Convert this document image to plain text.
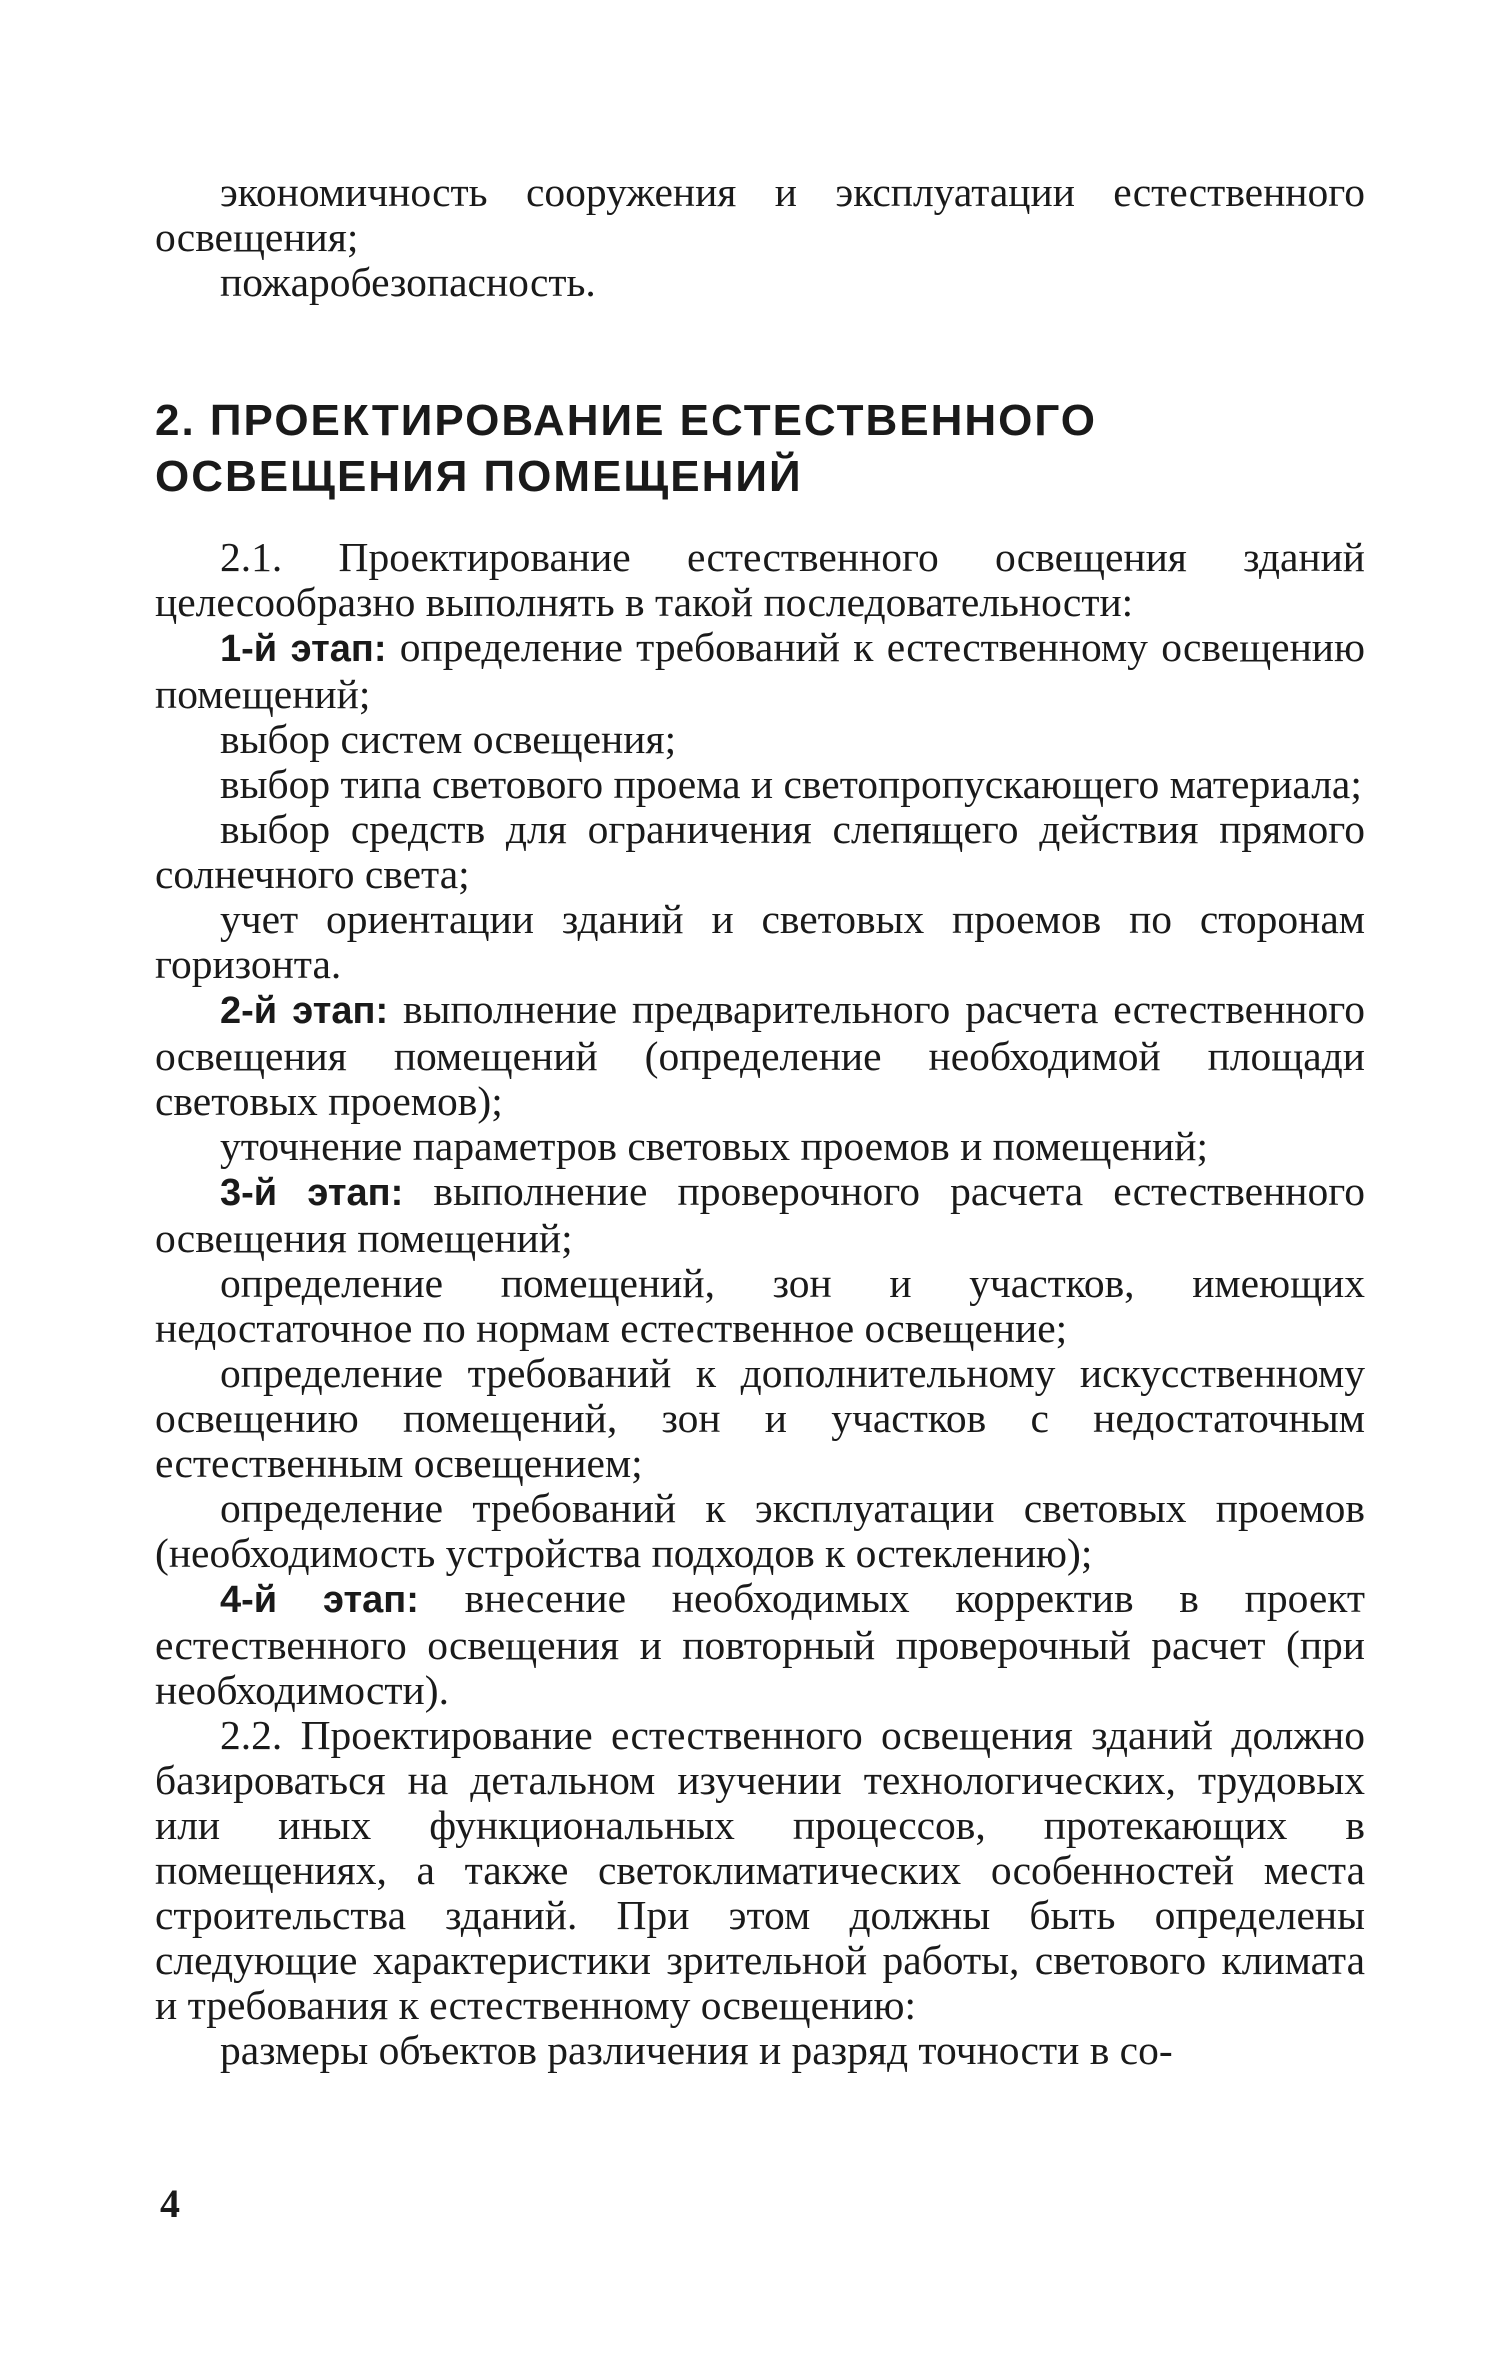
экономичность сооружения и эксплуатации естественного освещения;

пожаробезопасность.

2. ПРОЕКТИРОВАНИЕ ЕСТЕСТВЕННОГО
ОСВЕЩЕНИЯ ПОМЕЩЕНИЙ

2.1. Проектирование естественного освещения зданий целесообразно выполнять в такой последовательности:

1-й этап: определение требований к естественному освещению помещений;

выбор систем освещения;

выбор типа светового проема и светопропускающего материала;

выбор средств для ограничения слепящего действия прямого солнечного света;

учет ориентации зданий и световых проемов по сторонам горизонта.

2-й этап: выполнение предварительного расчета естественного освещения помещений (определение необходимой площади световых проемов);

уточнение параметров световых проемов и помещений;

3-й этап: выполнение проверочного расчета естественного освещения помещений;

определение помещений, зон и участков, имеющих недостаточное по нормам естественное освещение;

определение требований к дополнительному искусственному освещению помещений, зон и участков с недостаточным естественным освещением;

определение требований к эксплуатации световых проемов (необходимость устройства подходов к остеклению);

4-й этап: внесение необходимых корректив в проект естественного освещения и повторный проверочный расчет (при необходимости).

2.2. Проектирование естественного освещения зданий должно базироваться на детальном изучении технологических, трудовых или иных функциональных процессов, протекающих в помещениях, а также светоклиматических особенностей места строительства зданий. При этом должны быть определены следующие характеристики зрительной работы, светового климата и требования к естественному освещению:

размеры объектов различения и разряд точности в со-

4
